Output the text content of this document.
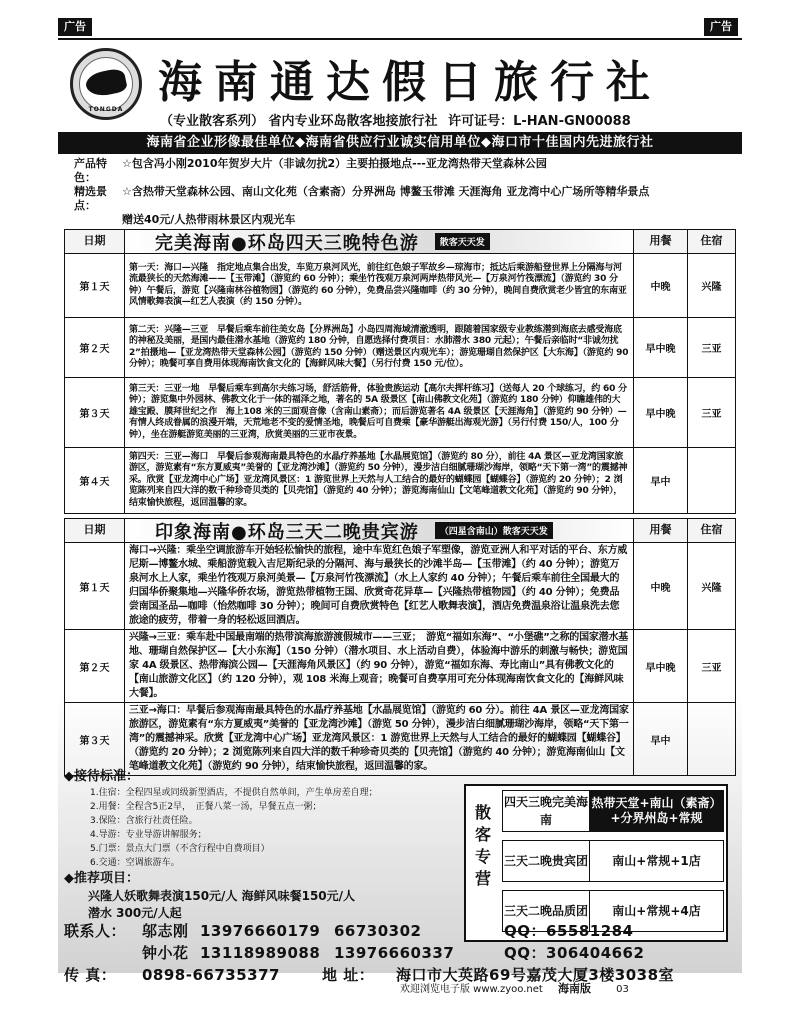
广告	广告
TONGDA
海南通达假日旅行社
（专业散客系列） 省内专业环岛散客地接旅行社 许可证号：L-HAN-GN00088
海南省企业形像最佳单位◆海南省供应行业诚实信用单位◆海口市十佳国内先进旅行社
产品特色：
☆包含冯小刚2010年贺岁大片（非诚勿扰2）主要拍摄地点---亚龙湾热带天堂森林公园
精选景点：
☆含热带天堂森林公园、南山文化苑（含素斋）分界洲岛 博鳌玉带滩 天涯海角 亚龙湾中心广场所等精华景点
赠送40元/人热带雨林景区内观光车
日期	完美海南●环岛四天三晚特色游	散客天天发	用餐	住宿
第１天	第一天：海口—兴隆　指定地点集合出发，车览万泉河风光，前往红色娘子军故乡—琼海市；抵达后乘游船登世界上分隔海与河流最狭长的天然海滩——【玉带滩】（游览约 60 分钟）；乘坐竹筏观万泉河两岸热带风光—【万泉河竹筏漂流】（游览约 30 分钟）午餐后，游览【兴隆南林谷植物园】（游览约 60 分钟），免费品尝兴隆咖啡（约 30 分钟），晚间自费欣赏老少皆宜的东南亚风情歌舞表演—红艺人表演（约 150 分钟）。	中晚	兴隆
第２天	第二天：兴隆—三亚　早餐后乘车前往美女岛【分界洲岛】小岛四周海域清澈透明，跟随着国家级专业教练潜到海底去感受海底的神秘及美丽，是国内最佳潜水基地（游览约 180 分钟，自愿选择付费项目：水肺潜水 380 元起）；午餐后亲临时“非诚勿扰 2”拍摄地—【亚龙湾热带天堂森林公园】（游览约 150 分钟）（赠送景区内观光车）；游览珊瑚自然保护区【大东海】（游览约 90 分钟）；晚餐可享自费用体现海南饮食文化的【海鲜风味大餐】（另行付费 150 元/位）。	早中晚	三亚
第３天	第三天：三亚一地　早餐后乘车到高尔夫练习场，舒活筋骨，体验贵族运动【高尔夫挥杆练习】（送每人 20 个球练习，约 60 分钟）；游览集中外园林、佛教文化于一体的福泽之地，著名的 5A 级景区【南山佛教文化苑】（游览约 180 分钟）仰瞻雄伟的大雄宝殿、膜拜世纪之作　海上108 米的三面观音像（含南山素斋）；而后游览著名 4A 级景区【天涯海角】（游览约 90 分钟）—有情人终成眷属的浪漫开端，天荒地老不变的爱情圣地，晚餐后可自费乘【豪华游艇出海观光游】（另行付费 150/人，100 分钟），坐在游艇游览美丽的三亚湾，欣赏美丽的三亚市夜景。	早中晚	三亚
第４天	第四天：三亚—海口　早餐后参观海南最具特色的水晶疗养基地【水晶展览馆】（游览约 80 分），前往 4A 景区—亚龙湾国家旅游区，游览素有“东方夏威夷”美誉的【亚龙湾沙滩】（游览约 50 分钟），漫步洁白细腻珊瑚沙海岸，领略“天下第一湾”的震撼神采。欣赏【亚龙湾中心广场】亚龙湾风景区：1 游览世界上天然与人工结合的最好的蝴蝶园【蝴蝶谷】（游览约 20 分钟）；2 浏览陈列来自四大洋的数千种珍奇贝类的【贝壳馆】（游览约 40 分钟）；游览海南仙山【文笔峰道教文化苑】（游览约 90 分钟），结束愉快旅程，返回温馨的家。	早中	
日期	印象海南●环岛三天二晚贵宾游	（四星含南山）散客天天发	用餐	住宿
第１天	海口→兴隆：乘坐空调旅游车开始轻松愉快的旅程，途中车览红色娘子军塑像，游览亚洲人和平对话的平台、东方威尼斯—博鳌水城、乘船游览载入吉尼斯纪录的分隔河、海与最狭长的沙滩半岛—【玉带滩】（约 40 分钟）；游览万泉河水上人家，乘坐竹筏观万泉河美景—【万泉河竹筏漂流】（水上人家约 40 分钟）；午餐后乘车前往全国最大的归国华侨聚集地—兴隆华侨农场，游览热带植物王国、欣赏奇花异草—【兴隆热带植物园】（约 40 分钟）；免费品尝南国圣品—咖啡（怡然咖啡 30 分钟）；晚间可自费欣赏特色【红艺人歌舞表演】，酒店免费温泉浴让温泉洗去您旅途的疲劳，带着一身的轻松返回酒店。	中晚	兴隆
第２天	兴隆→三亚：乘车赴中国最南端的热带滨海旅游渡假城市——三亚；　游览“福如东海”、“小堡礁”之称的国家潜水基地、珊瑚自然保护区—【大小东海】（150 分钟）（潜水项目、水上活动自费），体验海中游乐的刺激与畅快；游览国家 4A 级景区、热带海滨公园—【天涯海角风景区】（约 90 分钟），游览“福如东海、寿比南山”具有佛教文化的【南山旅游文化区】（约 120 分钟），观 108 米海上观音；晚餐可自费享用可充分体现海南饮食文化的【海鲜风味大餐】。	早中晚	三亚
第３天	三亚→海口：早餐后参观海南最具特色的水晶疗养基地【水晶展览馆】（游览约 60 分）。前往 4A 景区—亚龙湾国家旅游区，游览素有“东方夏威夷”美誉的【亚龙湾沙滩】（游览 50 分钟），漫步洁白细腻珊瑚沙海岸，领略“天下第一湾”的震撼神采。欣赏【亚龙湾中心广场】亚龙湾风景区：1 游览世界上天然与人工结合的最好的蝴蝶园【蝴蝶谷】（游览约 20 分钟）；2 浏览陈列来自四大洋的数千种珍奇贝类的【贝壳馆】（游览约 40 分钟）；游览海南仙山【文笔峰道教文化苑】（游览约 90 分钟），结束愉快旅程，返回温馨的家。	早中	
◆接待标准：
1.住宿：全程四星或同级新型酒店，不提供自然单间，产生单房差自理；
2.用餐：全程含5正2早，　正餐八菜一汤，早餐五点一粥；
3.保险：含旅行社责任险。
4.导游：专业导游讲解服务；
5.门票：景点大门票（不含行程中自费项目）
6.交通：空调旅游车。
◆推荐项目：
兴隆人妖歌舞表演150元/人 海鲜风味餐150元/人
潜水 300元/人起
散客专营
四天三晚完美海南
热带天堂+南山（素斋）+分界州岛+常规
三天二晚贵宾团	南山+常规+1店
三天二晚品质团	南山+常规+4店
联系人：	邬志刚 13976660179 66730302	QQ：65581284
钟小花 13118989088 13976660337	QQ：306404662
传 真：	0898-66735377	地 址：	海口市大英路69号嘉茂大厦3楼3038室
欢迎浏览电子版 www.zyoo.net 海南版	03
